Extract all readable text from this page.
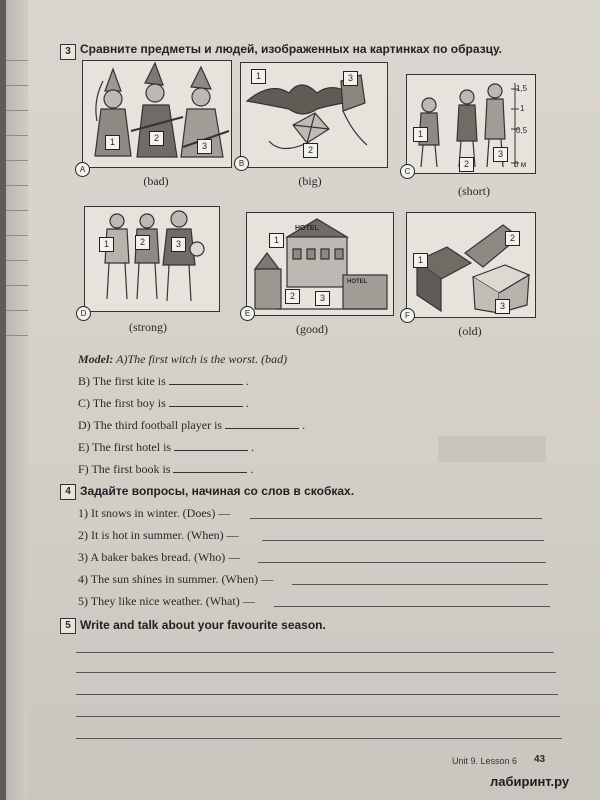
3 Сравните предметы и людей, изображенных на картинках по образцу.
1	2
3
A
(bad)
1
2
3
B
(big)
1
2
3
1,5
1
0,5
0 м
C
(short)
1	2	3
D
(strong)
HOTEL
HOTEL
1
2	3
E
(good)
1
2
3
F
(old)
Model: A)The first witch is the worst. (bad)
B) The first kite is	.
C) The first boy is	.
D) The third football player is	.
E) The first hotel is	.
F) The first book is	.
4 Задайте вопросы, начиная со слов в скобках.
1) It snows in winter. (Does) —
2) It is hot in summer. (When) —
3) A baker bakes bread. (Who) —
4) The sun shines in summer. (When) —
5) They like nice weather. (What) —
5 Write and talk about your favourite season.
Unit 9. Lesson 6 43
лабиринт.ру
